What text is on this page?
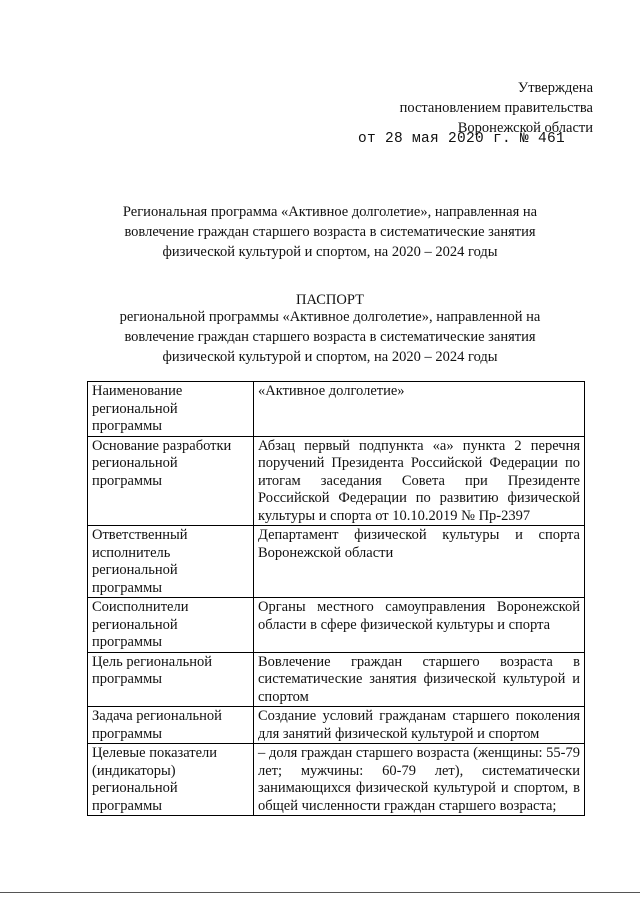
Утверждена
постановлением правительства
Воронежской области
от 28 мая 2020 г. № 461
Региональная программа «Активное долголетие», направленная на
вовлечение граждан старшего возраста в систематические занятия
физической культурой и спортом, на 2020 – 2024 годы
ПАСПОРТ
региональной программы «Активное долголетие», направленной на
вовлечение граждан старшего возраста в систематические занятия
физической культурой и спортом, на 2020 – 2024 годы
Наименование региональной программы	«Активное долголетие»
Основание разработки региональной программы	Абзац первый подпункта «а» пункта 2 перечня поручений Президента Российской Федерации по итогам заседания Совета при Президенте Российской Федерации по развитию физической культуры и спорта от 10.10.2019 № Пр-2397
Ответственный исполнитель региональной программы	Департамент физической культуры и спорта Воронежской области
Соисполнители региональной программы	Органы местного самоуправления Воронежской области в сфере физической культуры и спорта
Цель региональной программы	Вовлечение граждан старшего возраста в систематические занятия физической культурой и спортом
Задача региональной программы	Создание условий гражданам старшего поколения для занятий физической культурой и спортом
Целевые показатели (индикаторы) региональной программы	– доля граждан старшего возраста (женщины: 55-79 лет; мужчины: 60-79 лет), систематически занимающихся физической культурой и спортом, в общей численности граждан старшего возраста;
